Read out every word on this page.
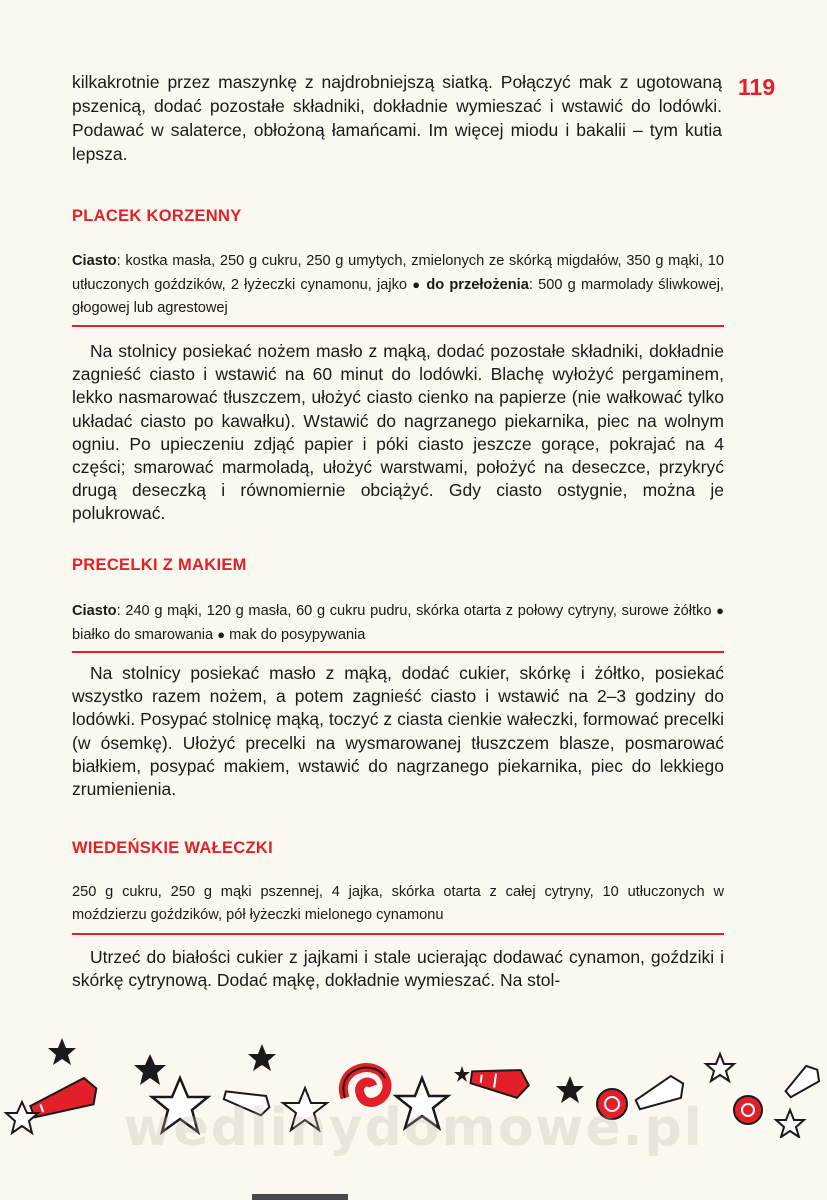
119
kilkakrotnie przez maszynkę z najdrobniejszą siatką. Połączyć mak z ugotowaną pszenicą, dodać pozostałe składniki, dokładnie wymieszać i wstawić do lodówki. Podawać w salaterce, obłożoną łamańcami. Im więcej miodu i bakalii – tym kutia lepsza.
PLACEK KORZENNY
Ciasto: kostka masła, 250 g cukru, 250 g umytych, zmielonych ze skórką migdałów, 350 g mąki, 10 utłuczonych goździków, 2 łyżeczki cynamonu, jajko ● do przełożenia: 500 g marmolady śliwkowej, głogowej lub agrestowej
Na stolnicy posiekać nożem masło z mąką, dodać pozostałe składniki, dokładnie zagnieść ciasto i wstawić na 60 minut do lodówki. Blachę wyłożyć pergaminem, lekko nasmarować tłuszczem, ułożyć ciasto cienko na papierze (nie wałkować tylko układać ciasto po kawałku). Wstawić do nagrzanego piekarnika, piec na wolnym ogniu. Po upieczeniu zdjąć papier i póki ciasto jeszcze gorące, pokrajać na 4 części; smarować marmoladą, ułożyć warstwami, położyć na deseczce, przykryć drugą deseczką i równomiernie obciążyć. Gdy ciasto ostygnie, można je polukrować.
PRECELKI Z MAKIEM
Ciasto: 240 g mąki, 120 g masła, 60 g cukru pudru, skórka otarta z połowy cytryny, surowe żółtko ● białko do smarowania ● mak do posypywania
Na stolnicy posiekać masło z mąką, dodać cukier, skórkę i żółtko, posiekać wszystko razem nożem, a potem zagnieść ciasto i wstawić na 2–3 godziny do lodówki. Posypać stolnicę mąką, toczyć z ciasta cienkie wałeczki, formować precelki (w ósemkę). Ułożyć precelki na wysmarowanej tłuszczem blasze, posmarować białkiem, posypać makiem, wstawić do nagrzanego piekarnika, piec do lekkiego zrumienienia.
WIEDEŃSKIE WAŁECZKI
250 g cukru, 250 g mąki pszennej, 4 jajka, skórka otarta z całej cytryny, 10 utłuczonych w moździerzu goździków, pół łyżeczki mielonego cynamonu
Utrzeć do białości cukier z jajkami i stale ucierając dodawać cynamon, goździki i skórkę cytrynową. Dodać mąkę, dokładnie wymieszać. Na stol-
wedlinydomowe.pl
